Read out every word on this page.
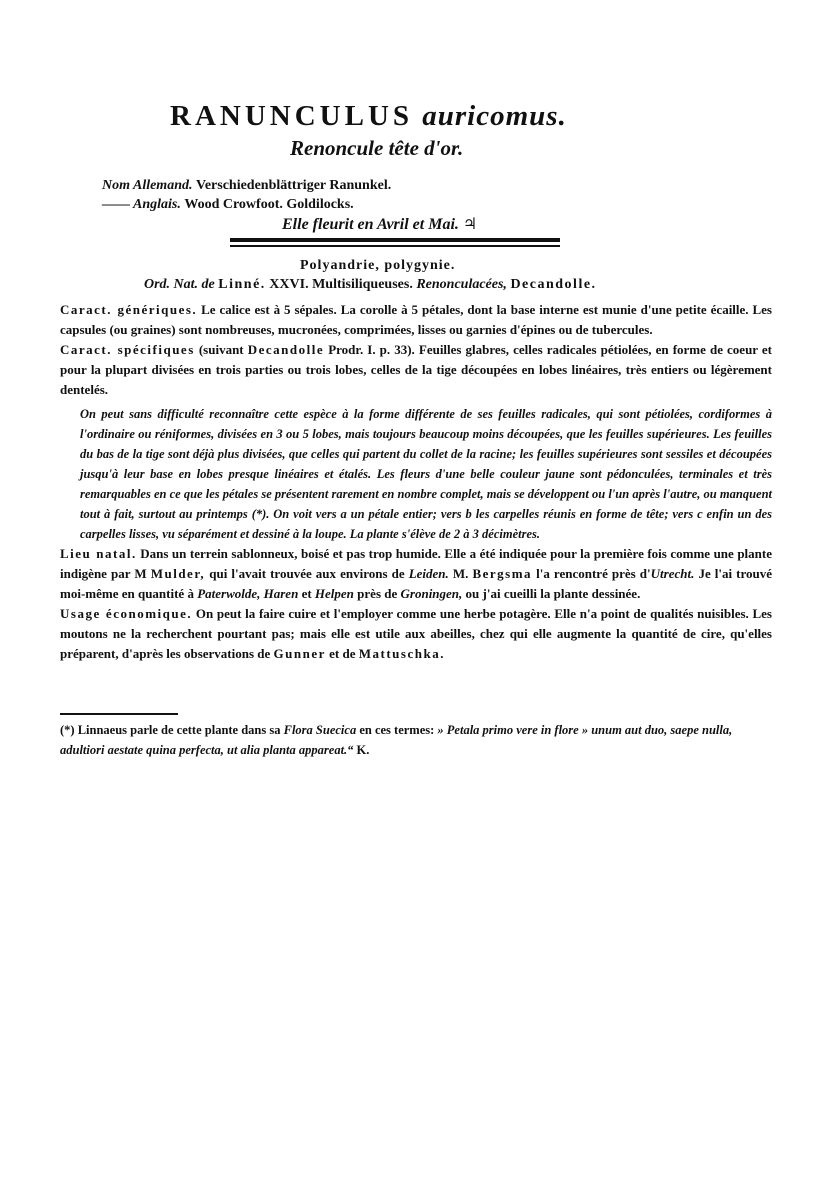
RANUNCULUS auricomus.
Renoncule tête d'or.
Nom Allemand. Verschiedenblättriger Ranunkel.
—— Anglais. Wood Crowfoot. Goldilocks.
Elle fleurit en Avril et Mai. ♃
Polyandrie, polygynie.
Ord. Nat. de Linné. XXVI. Multisiliqueuses. Renonculacées, Decandolle.

Caract. génériques. Le calice est à 5 sépales. La corolle à 5 pétales, dont la base interne est munie d'une petite écaille. Les capsules (ou graines) sont nombreuses, mucronées, comprimées, lisses ou garnies d'épines ou de tubercules.

Caract. spécifiques (suivant Decandolle Prodr. I. p. 33). Feuilles glabres, celles radicales pétiolées, en forme de coeur et pour la plupart divisées en trois parties ou trois lobes, celles de la tige découpées en lobes linéaires, très entiers ou légèrement dentelés.

On peut sans difficulté reconnaître cette espèce à la forme différente de ses feuilles radicales, qui sont pétiolées, cordiformes à l'ordinaire ou réniformes, divisées en 3 ou 5 lobes, mais toujours beaucoup moins découpées, que les feuilles supérieures. Les feuilles du bas de la tige sont déjà plus divisées, que celles qui partent du collet de la racine; les feuilles supérieures sont sessiles et découpées jusqu'à leur base en lobes presque linéaires et étalés. Les fleurs d'une belle couleur jaune sont pédonculées, terminales et très remarquables en ce que les pétales se présentent rarement en nombre complet, mais se développent ou l'un après l'autre, ou manquent tout à fait, surtout au printemps (*). On voit vers a un pétale entier; vers b les carpelles réunis en forme de tête; vers c enfin un des carpelles lisses, vu séparément et dessiné à la loupe. La plante s'élève de 2 à 3 décimètres.

Lieu natal. Dans un terrein sablonneux, boisé et pas trop humide. Elle a été indiquée pour la première fois comme une plante indigène par M Mulder, qui l'avait trouvée aux environs de Leiden. M. Bergsma l'a rencontré près d'Utrecht. Je l'ai trouvé moi-même en quantité à Paterwolde, Haren et Helpen près de Groningen, ou j'ai cueilli la plante dessinée.

Usage économique. On peut la faire cuire et l'employer comme une herbe potagère. Elle n'a point de qualités nuisibles. Les moutons ne la recherchent pourtant pas; mais elle est utile aux abeilles, chez qui elle augmente la quantité de cire, qu'elles préparent, d'après les observations de Gunner et de Mattuschka.

(*) Linnaeus parle de cette plante dans sa Flora Suecica en ces termes: » Petala primo vere in flore » unum aut duo, saepe nulla, adultiori aestate quina perfecta, ut alia planta appareat.“ K.
